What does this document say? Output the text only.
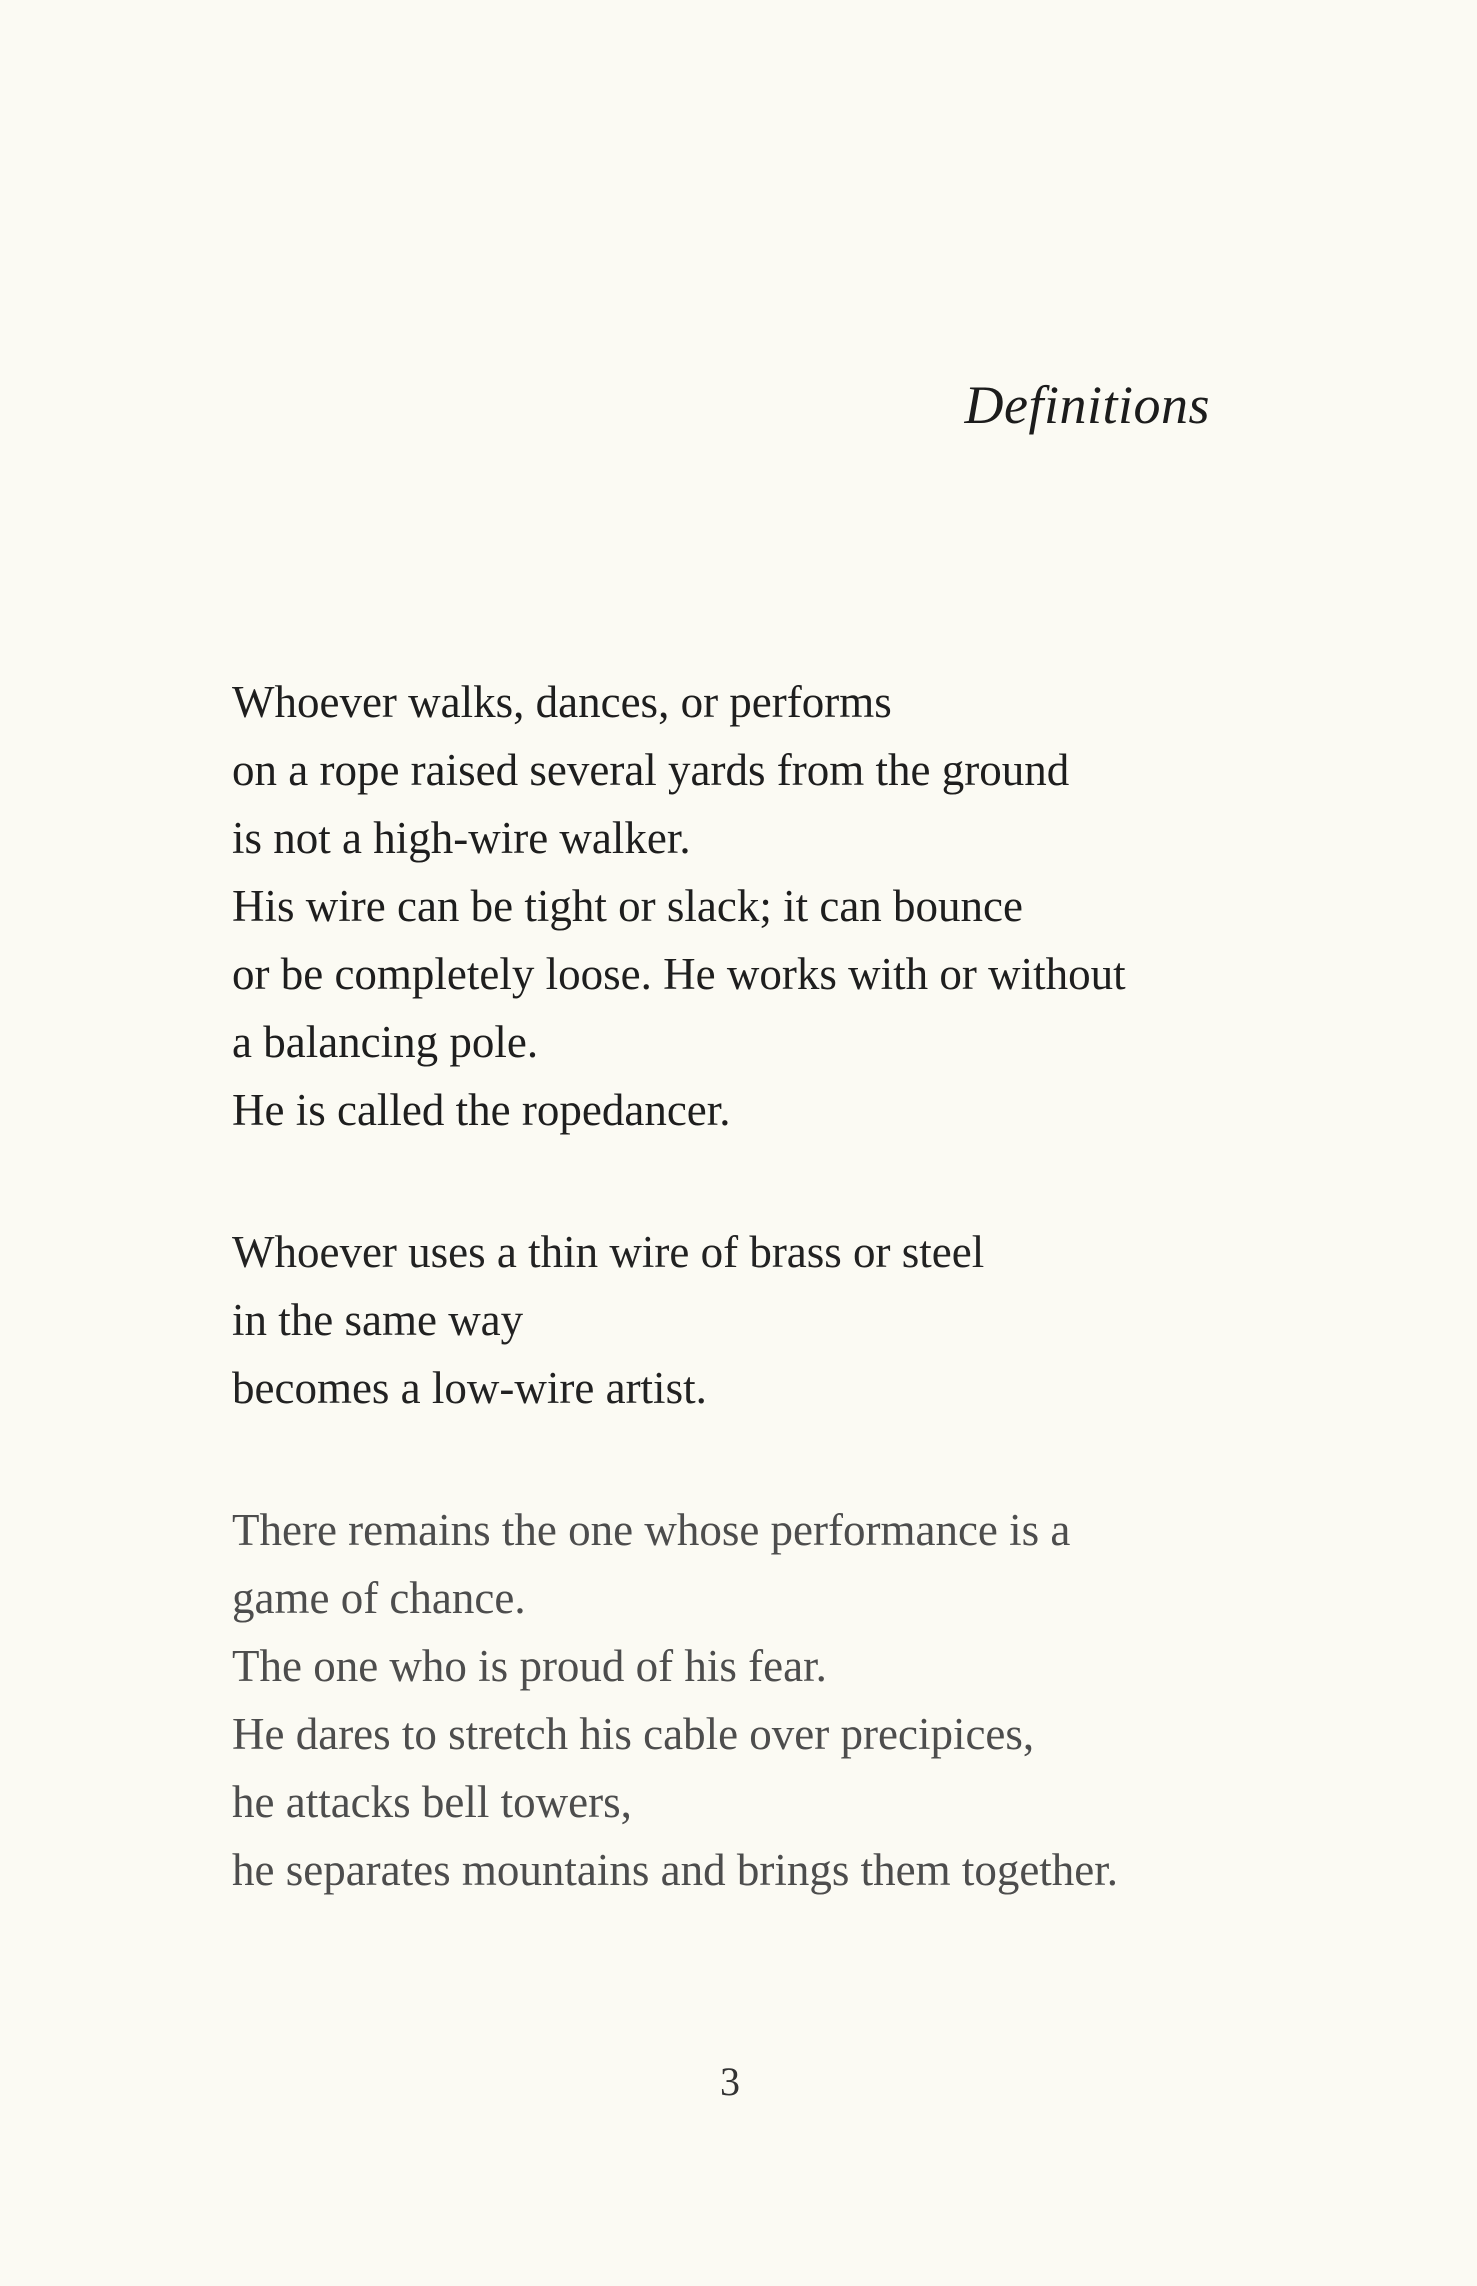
Definitions
Whoever walks, dances, or performs
on a rope raised several yards from the ground
is not a high-wire walker.
His wire can be tight or slack; it can bounce
or be completely loose. He works with or without
a balancing pole.
He is called the ropedancer.
Whoever uses a thin wire of brass or steel
in the same way
becomes a low-wire artist.
There remains the one whose performance is a
game of chance.
The one who is proud of his fear.
He dares to stretch his cable over precipices,
he attacks bell towers,
he separates mountains and brings them together.
3
